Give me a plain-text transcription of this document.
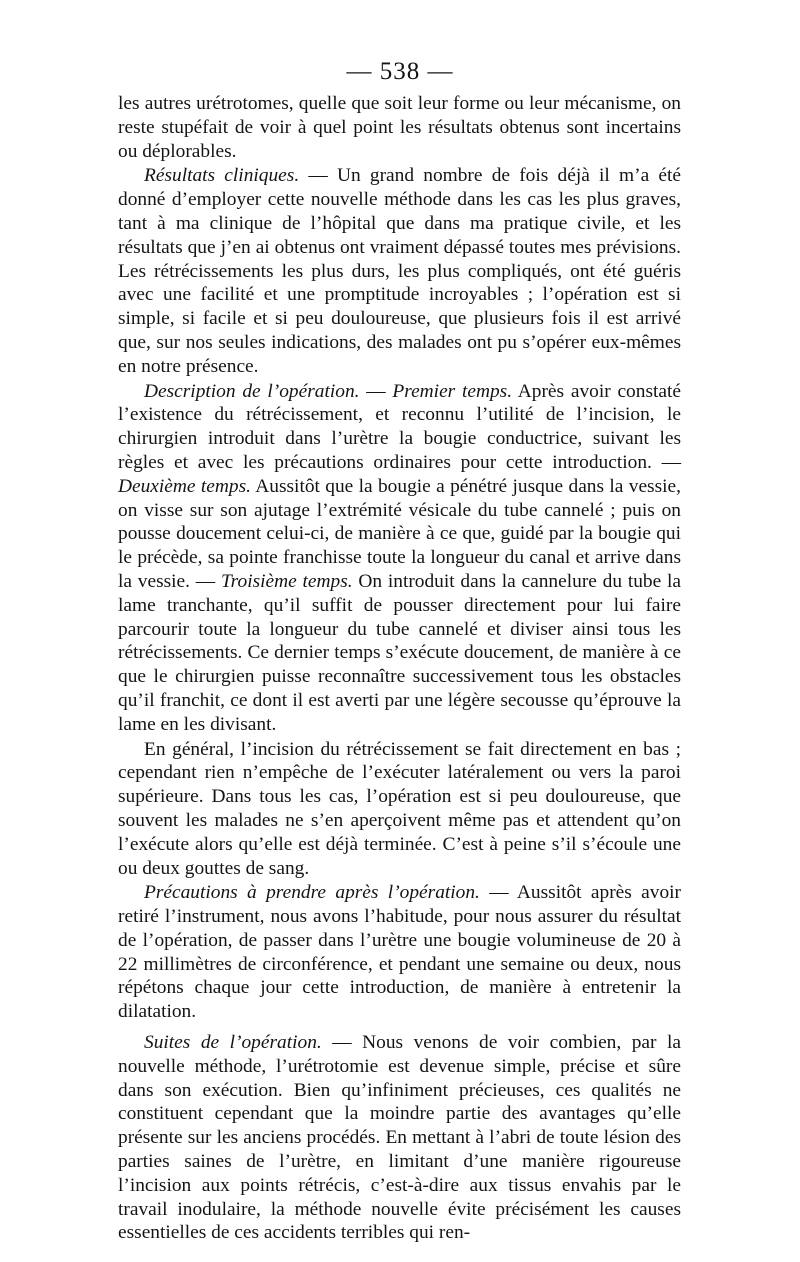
— 538 —

les autres urétrotomes, quelle que soit leur forme ou leur mécanisme, on reste stupéfait de voir à quel point les résultats obtenus sont incertains ou déplorables.

Résultats cliniques. — Un grand nombre de fois déjà il m’a été donné d’employer cette nouvelle méthode dans les cas les plus graves, tant à ma clinique de l’hôpital que dans ma pratique civile, et les résultats que j’en ai obtenus ont vraiment dépassé toutes mes prévisions. Les rétrécissements les plus durs, les plus compliqués, ont été guéris avec une facilité et une promptitude incroyables ; l’opération est si simple, si facile et si peu douloureuse, que plusieurs fois il est arrivé que, sur nos seules indications, des malades ont pu s’opérer eux-mêmes en notre présence.

Description de l’opération. — Premier temps. Après avoir constaté l’existence du rétrécissement, et reconnu l’utilité de l’incision, le chirurgien introduit dans l’urètre la bougie conductrice, suivant les règles et avec les précautions ordinaires pour cette introduction. — Deuxième temps. Aussitôt que la bougie a pénétré jusque dans la vessie, on visse sur son ajutage l’extrémité vésicale du tube cannelé ; puis on pousse doucement celui-ci, de manière à ce que, guidé par la bougie qui le précède, sa pointe franchisse toute la longueur du canal et arrive dans la vessie. — Troisième temps. On introduit dans la cannelure du tube la lame tranchante, qu’il suffit de pousser directement pour lui faire parcourir toute la longueur du tube cannelé et diviser ainsi tous les rétrécissements. Ce dernier temps s’exécute doucement, de manière à ce que le chirurgien puisse reconnaître successivement tous les obstacles qu’il franchit, ce dont il est averti par une légère secousse qu’éprouve la lame en les divisant.

En général, l’incision du rétrécissement se fait directement en bas ; cependant rien n’empêche de l’exécuter latéralement ou vers la paroi supérieure. Dans tous les cas, l’opération est si peu douloureuse, que souvent les malades ne s’en aperçoivent même pas et attendent qu’on l’exécute alors qu’elle est déjà terminée. C’est à peine s’il s’écoule une ou deux gouttes de sang.

Précautions à prendre après l’opération. — Aussitôt après avoir retiré l’instrument, nous avons l’habitude, pour nous assurer du résultat de l’opération, de passer dans l’urètre une bougie volumineuse de 20 à 22 millimètres de circonférence, et pendant une semaine ou deux, nous répétons chaque jour cette introduction, de manière à entretenir la dilatation.

Suites de l’opération. — Nous venons de voir combien, par la nouvelle méthode, l’urétrotomie est devenue simple, précise et sûre dans son exécution. Bien qu’infiniment précieuses, ces qualités ne constituent cependant que la moindre partie des avantages qu’elle présente sur les anciens procédés. En mettant à l’abri de toute lésion des parties saines de l’urètre, en limitant d’une manière rigoureuse l’incision aux points rétrécis, c’est-à-dire aux tissus envahis par le travail inodulaire, la méthode nouvelle évite précisément les causes essentielles de ces accidents terribles qui ren-
